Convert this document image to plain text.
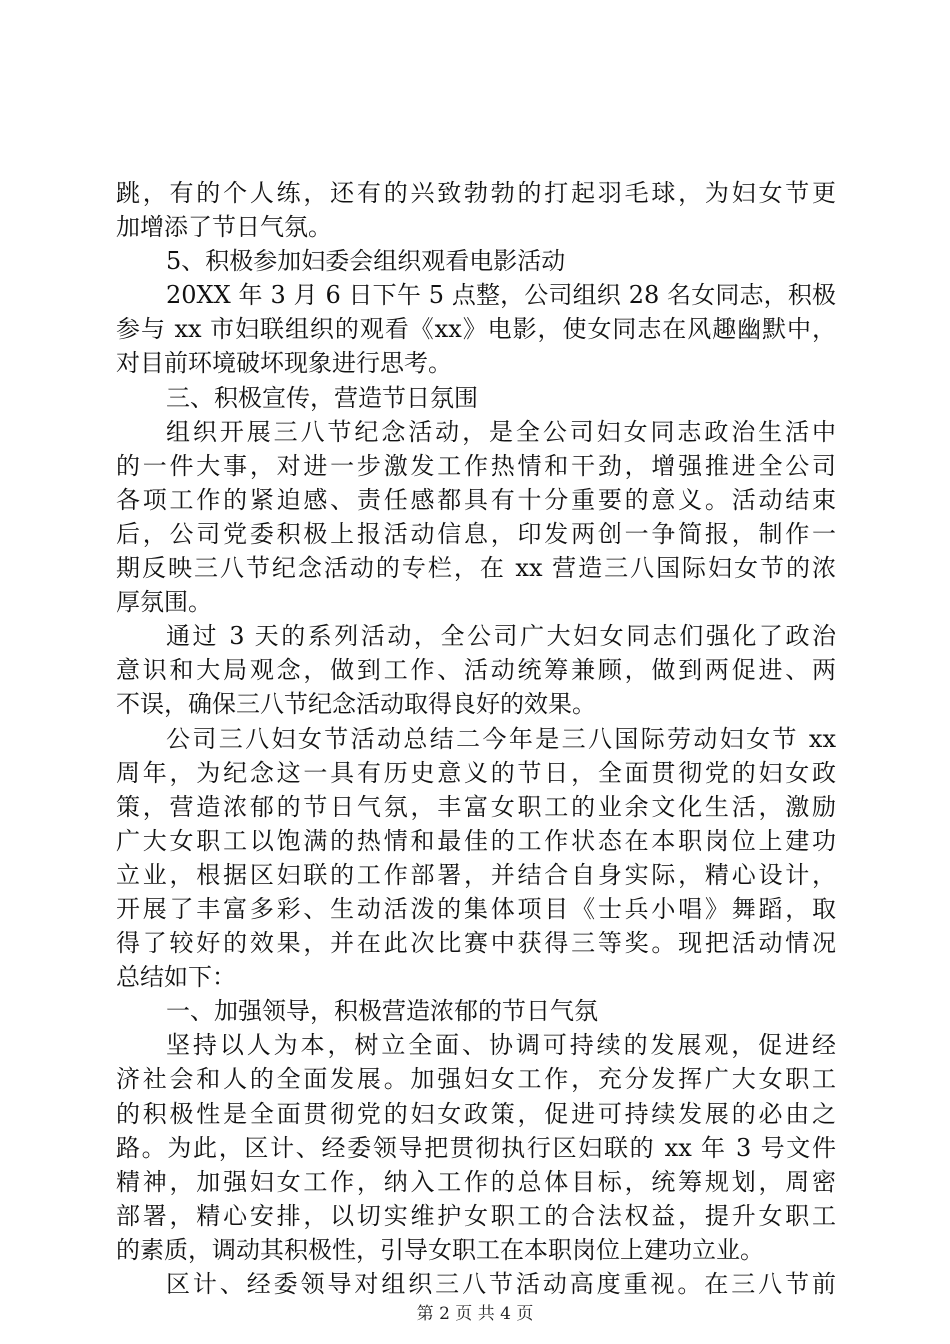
跳，有的个人练，还有的兴致勃勃的打起羽毛球，为妇女节更
加增添了节日气氛。
5、积极参加妇委会组织观看电影活动
20XX 年 3 月 6 日下午 5 点整，公司组织 28 名女同志，积极
参与 xx 市妇联组织的观看《xx》电影，使女同志在风趣幽默中，
对目前环境破坏现象进行思考。
三、积极宣传，营造节日氛围
组织开展三八节纪念活动，是全公司妇女同志政治生活中
的一件大事，对进一步激发工作热情和干劲，增强推进全公司
各项工作的紧迫感、责任感都具有十分重要的意义。活动结束
后，公司党委积极上报活动信息，印发两创一争简报，制作一
期反映三八节纪念活动的专栏，在 xx 营造三八国际妇女节的浓
厚氛围。
通过 3 天的系列活动，全公司广大妇女同志们强化了政治
意识和大局观念，做到工作、活动统筹兼顾，做到两促进、两
不误，确保三八节纪念活动取得良好的效果。
公司三八妇女节活动总结二今年是三八国际劳动妇女节 xx
周年，为纪念这一具有历史意义的节日，全面贯彻党的妇女政
策，营造浓郁的节日气氛，丰富女职工的业余文化生活，激励
广大女职工以饱满的热情和最佳的工作状态在本职岗位上建功
立业，根据区妇联的工作部署，并结合自身实际，精心设计，
开展了丰富多彩、生动活泼的集体项目《士兵小唱》舞蹈，取
得了较好的效果，并在此次比赛中获得三等奖。现把活动情况
总结如下：
一、加强领导，积极营造浓郁的节日气氛
坚持以人为本，树立全面、协调可持续的发展观，促进经
济社会和人的全面发展。加强妇女工作，充分发挥广大女职工
的积极性是全面贯彻党的妇女政策，促进可持续发展的必由之
路。为此，区计、经委领导把贯彻执行区妇联的 xx 年 3 号文件
精神，加强妇女工作，纳入工作的总体目标，统筹规划，周密
部署，精心安排，以切实维护女职工的合法权益，提升女职工
的素质，调动其积极性，引导女职工在本职岗位上建功立业。
区计、经委领导对组织三八节活动高度重视。在三八节前
第 2 页 共 4 页
